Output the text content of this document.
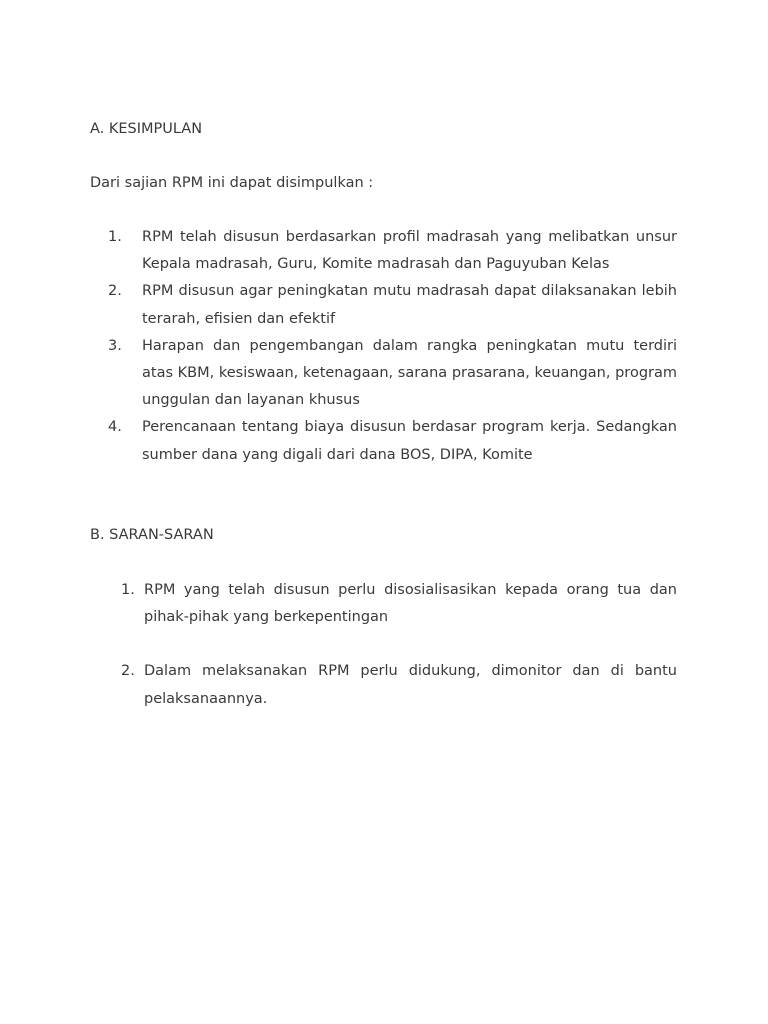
A. KESIMPULAN

Dari sajian RPM ini dapat disimpulkan :

1. RPM telah disusun berdasarkan profil madrasah yang melibatkan unsur Kepala madrasah, Guru, Komite madrasah dan Paguyuban Kelas
2. RPM disusun agar peningkatan mutu madrasah dapat dilaksanakan lebih terarah, efisien dan efektif
3. Harapan dan pengembangan dalam rangka peningkatan mutu terdiri atas KBM, kesiswaan, ketenagaan, sarana prasarana, keuangan, program unggulan dan layanan khusus
4. Perencanaan tentang biaya disusun berdasar program kerja. Sedangkan sumber dana yang digali dari dana BOS, DIPA, Komite
B. SARAN-SARAN
1. RPM yang telah disusun perlu disosialisasikan kepada orang tua dan pihak-pihak yang berkepentingan
2. Dalam melaksanakan RPM perlu didukung, dimonitor dan di bantu pelaksanaannya.
